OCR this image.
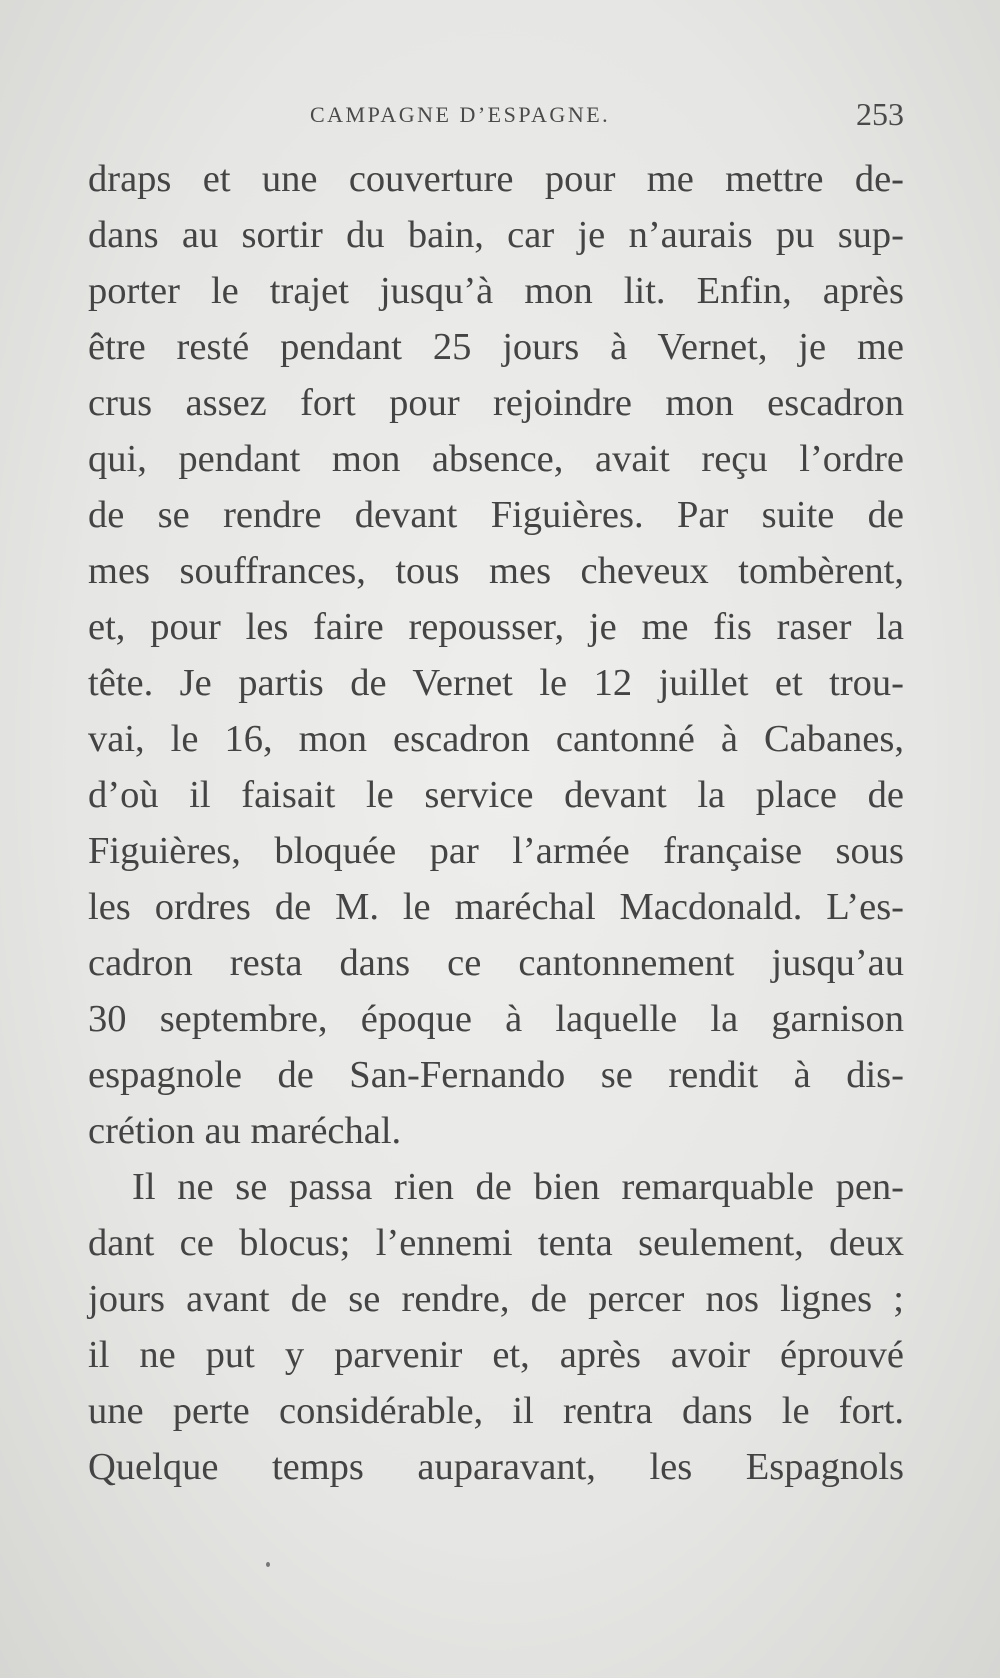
CAMPAGNE D’ESPAGNE.	253
draps et une couverture pour me mettre de-
dans au sortir du bain, car je n’aurais pu sup-
porter le trajet jusqu’à mon lit. Enfin, après
être resté pendant 25 jours à Vernet, je me
crus assez fort pour rejoindre mon escadron
qui, pendant mon absence, avait reçu l’ordre
de se rendre devant Figuières. Par suite de
mes souffrances, tous mes cheveux tombèrent,
et, pour les faire repousser, je me fis raser la
tête. Je partis de Vernet le 12 juillet et trou-
vai, le 16, mon escadron cantonné à Cabanes,
d’où il faisait le service devant la place de
Figuières, bloquée par l’armée française sous
les ordres de M. le maréchal Macdonald. L’es-
cadron resta dans ce cantonnement jusqu’au
30 septembre, époque à laquelle la garnison
espagnole de San-Fernando se rendit à dis-
crétion au maréchal.
Il ne se passa rien de bien remarquable pen-
dant ce blocus; l’ennemi tenta seulement, deux
jours avant de se rendre, de percer nos lignes ;
il ne put y parvenir et, après avoir éprouvé
une perte considérable, il rentra dans le fort.
Quelque temps auparavant, les Espagnols
